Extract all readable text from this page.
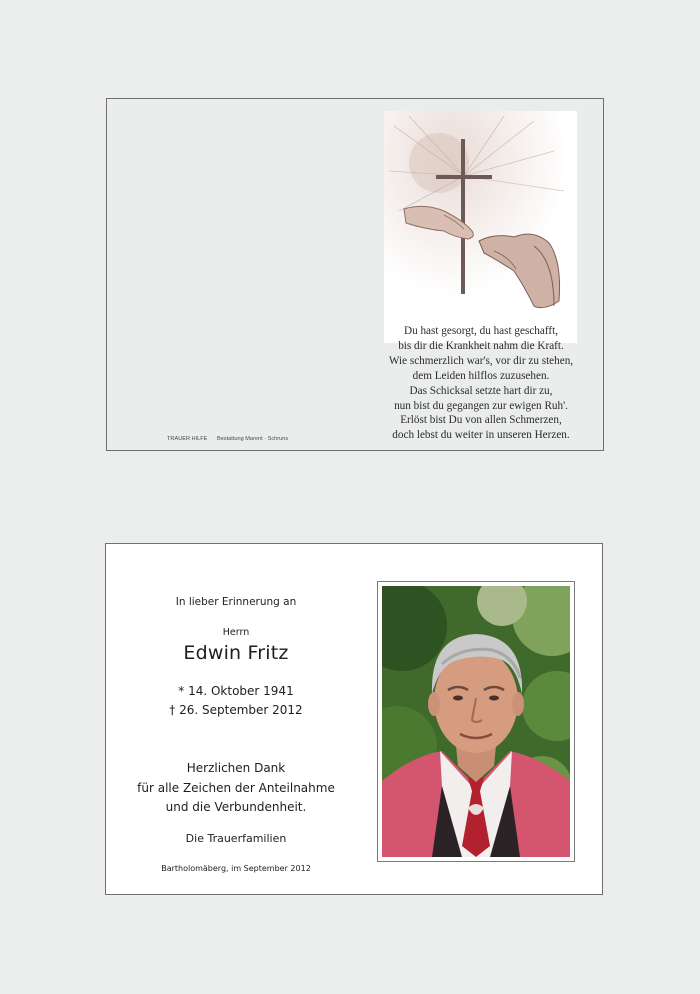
Du hast gesorgt, du hast geschafft,
bis dir die Krankheit nahm die Kraft.
Wie schmerzlich war's, vor dir zu stehen,
dem Leiden hilflos zuzusehen.
Das Schicksal setzte hart dir zu,
nun bist du gegangen zur ewigen Ruh'.
Erlöst bist Du von allen Schmerzen,
doch lebst du weiter in unseren Herzen.
TRAUER HILFE Bestattung Marent · Schruns
In lieber Erinnerung an
Herrn
Edwin Fritz
* 14. Oktober 1941
† 26. September 2012
Herzlichen Dank
für alle Zeichen der Anteilnahme
und die Verbundenheit.
Die Trauerfamilien
Bartholomäberg, im September 2012
